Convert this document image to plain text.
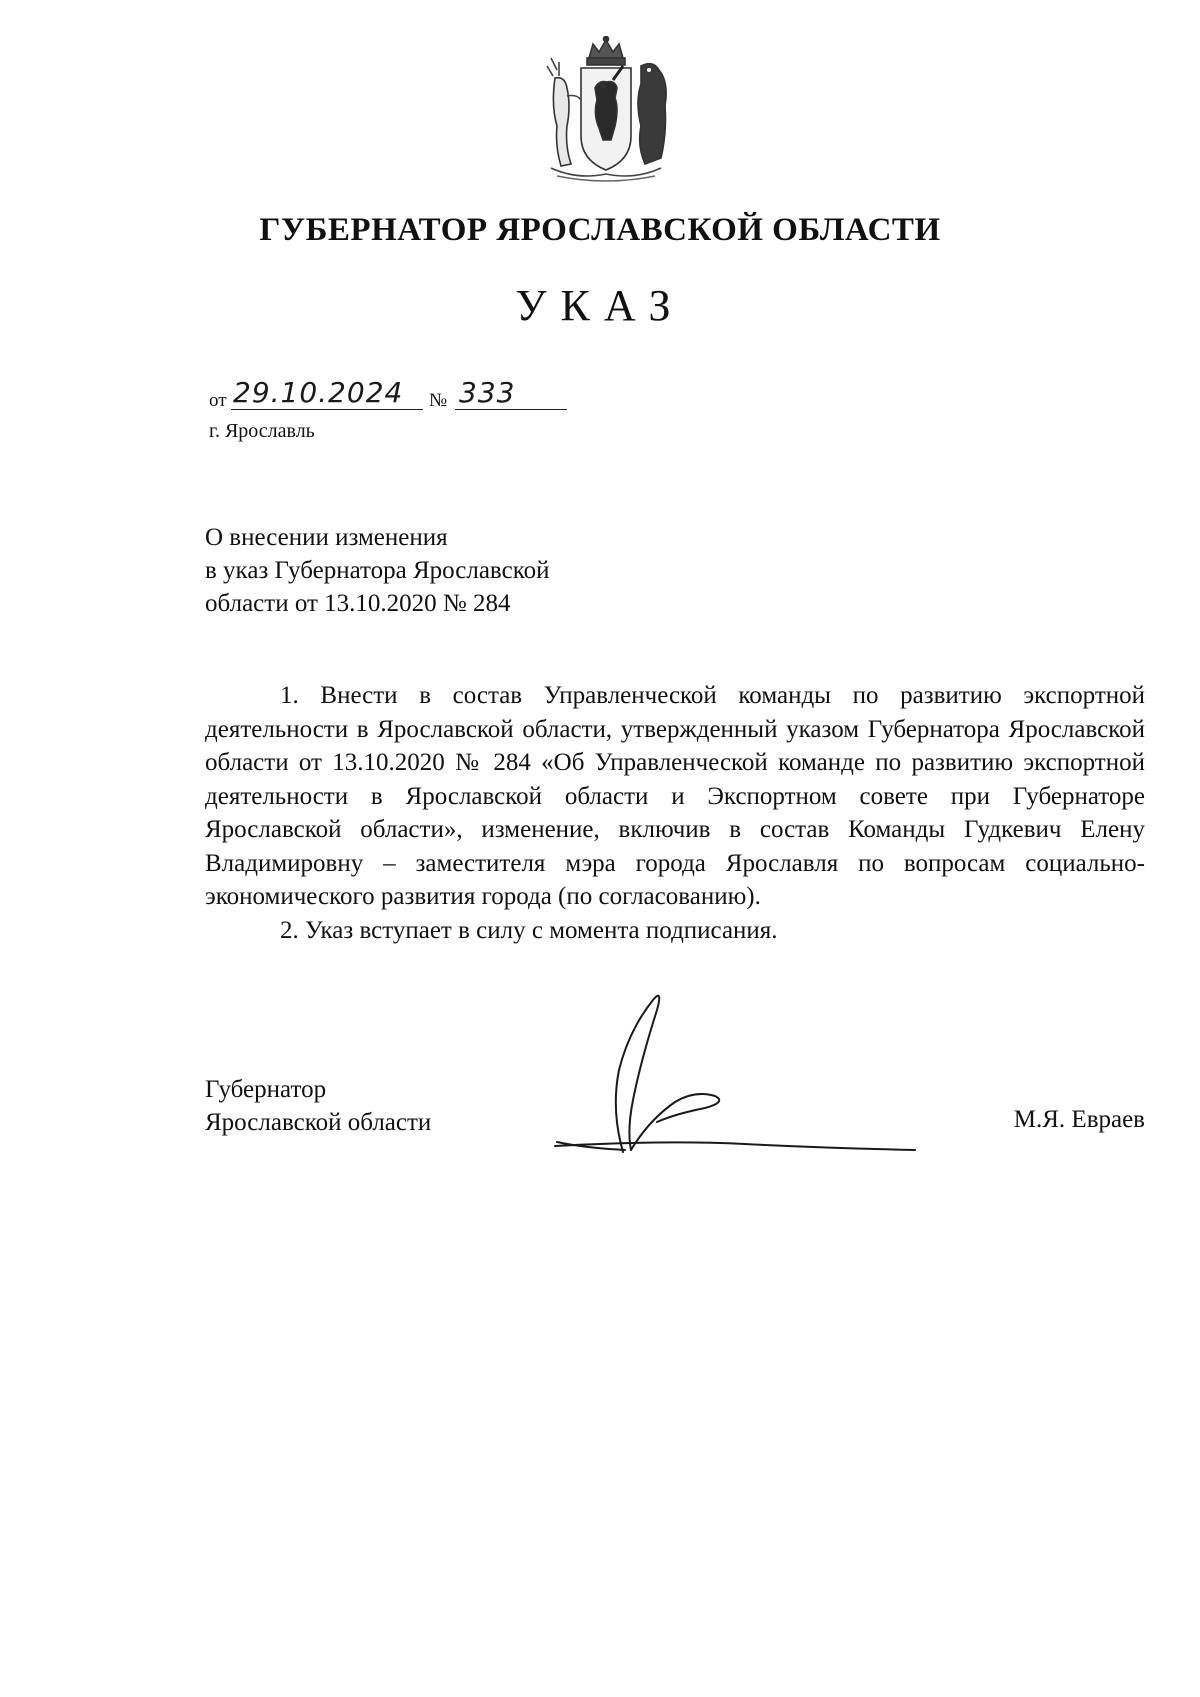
ГУБЕРНАТОР ЯРОСЛАВСКОЙ ОБЛАСТИ
УКАЗ
от 29.10.2024	№ 333
г. Ярославль
О внесении изменения
в указ Губернатора Ярославской
области от 13.10.2020 № 284

1. Внести в состав Управленческой команды по развитию экспортной деятельности в Ярославской области, утвержденный указом Губернатора Ярославской области от 13.10.2020 № 284 «Об Управленческой команде по развитию экспортной деятельности в Ярославской области и Экспортном совете при Губернаторе Ярославской области», изменение, включив в состав Команды Гудкевич Елену Владимировну – заместителя мэра города Ярославля по вопросам социально-экономического развития города (по согласованию).

2. Указ вступает в силу с момента подписания.

Губернатор
Ярославской области	М.Я. Евраев
